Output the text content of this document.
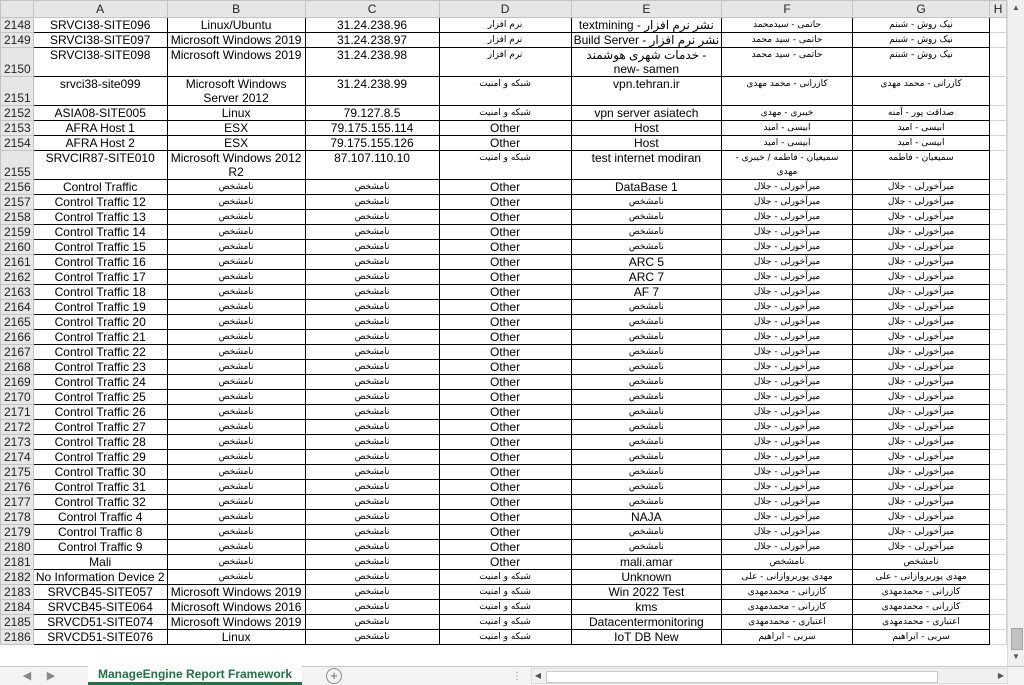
	A	B	C	D	E	F	G	H
2148	SRVCI38-SITE096	Linux/Ubuntu	31.24.238.96	نرم افزار	textmining - نشر نرم افزار	حاتمی - سیدمحمد	نیک روش - شبنم	
2149	SRVCI38-SITE097	Microsoft Windows 2019	31.24.238.97	نرم افزار	Build Server - نشر نرم افزار	حاتمی - سید محمد	نیک روش - شبنم	
2150	SRVCI38-SITE098	Microsoft Windows 2019	31.24.238.98	نرم افزار	خدمات شهری هوشمند - new- samen	حاتمی - سید محمد	نیک روش - شبنم	
2151	srvci38-site099	Microsoft Windows Server 2012	31.24.238.99	شبکه و امنیت	vpn.tehran.ir	کازرانی - محمد مهدی	کازرانی - محمد مهدی	
2152	ASIA08-SITE005	Linux	79.127.8.5	شبکه و امنیت	vpn server asiatech	خیبری - مهدی	صداقت پور - آمنه	
2153	AFRA Host 1	ESX	79.175.155.114	Other	Host	ابیسی - امید	ابیسی - امید	
2154	AFRA Host 2	ESX	79.175.155.126	Other	Host	ابیسی - امید	ابیسی - امید	
2155	SRVCIR87-SITE010	Microsoft Windows 2012 R2	87.107.110.10	شبکه و امنیت	test internet modiran	سمیعیان - فاطمه / خیبری - مهدی	سمیعیان - فاطمه	
2156	Control Traffic	نامشخص	نامشخص	Other	DataBase 1	میرآخورلی - جلال	میرآخورلی - جلال	
2157	Control Traffic 12	نامشخص	نامشخص	Other	نامشخص	میرآخورلی - جلال	میرآخورلی - جلال	
2158	Control Traffic 13	نامشخص	نامشخص	Other	نامشخص	میرآخورلی - جلال	میرآخورلی - جلال	
2159	Control Traffic 14	نامشخص	نامشخص	Other	نامشخص	میرآخورلی - جلال	میرآخورلی - جلال	
2160	Control Traffic 15	نامشخص	نامشخص	Other	نامشخص	میرآخورلی - جلال	میرآخورلی - جلال	
2161	Control Traffic 16	نامشخص	نامشخص	Other	ARC 5	میرآخورلی - جلال	میرآخورلی - جلال	
2162	Control Traffic 17	نامشخص	نامشخص	Other	ARC 7	میرآخورلی - جلال	میرآخورلی - جلال	
2163	Control Traffic 18	نامشخص	نامشخص	Other	AF 7	میرآخورلی - جلال	میرآخورلی - جلال	
2164	Control Traffic 19	نامشخص	نامشخص	Other	نامشخص	میرآخورلی - جلال	میرآخورلی - جلال	
2165	Control Traffic 20	نامشخص	نامشخص	Other	نامشخص	میرآخورلی - جلال	میرآخورلی - جلال	
2166	Control Traffic 21	نامشخص	نامشخص	Other	نامشخص	میرآخورلی - جلال	میرآخورلی - جلال	
2167	Control Traffic 22	نامشخص	نامشخص	Other	نامشخص	میرآخورلی - جلال	میرآخورلی - جلال	
2168	Control Traffic 23	نامشخص	نامشخص	Other	نامشخص	میرآخورلی - جلال	میرآخورلی - جلال	
2169	Control Traffic 24	نامشخص	نامشخص	Other	نامشخص	میرآخورلی - جلال	میرآخورلی - جلال	
2170	Control Traffic 25	نامشخص	نامشخص	Other	نامشخص	میرآخورلی - جلال	میرآخورلی - جلال	
2171	Control Traffic 26	نامشخص	نامشخص	Other	نامشخص	میرآخورلی - جلال	میرآخورلی - جلال	
2172	Control Traffic 27	نامشخص	نامشخص	Other	نامشخص	میرآخورلی - جلال	میرآخورلی - جلال	
2173	Control Traffic 28	نامشخص	نامشخص	Other	نامشخص	میرآخورلی - جلال	میرآخورلی - جلال	
2174	Control Traffic 29	نامشخص	نامشخص	Other	نامشخص	میرآخورلی - جلال	میرآخورلی - جلال	
2175	Control Traffic 30	نامشخص	نامشخص	Other	نامشخص	میرآخورلی - جلال	میرآخورلی - جلال	
2176	Control Traffic 31	نامشخص	نامشخص	Other	نامشخص	میرآخورلی - جلال	میرآخورلی - جلال	
2177	Control Traffic 32	نامشخص	نامشخص	Other	نامشخص	میرآخورلی - جلال	میرآخورلی - جلال	
2178	Control Traffic 4	نامشخص	نامشخص	Other	NAJA	میرآخورلی - جلال	میرآخورلی - جلال	
2179	Control Traffic 8	نامشخص	نامشخص	Other	نامشخص	میرآخورلی - جلال	میرآخورلی - جلال	
2180	Control Traffic 9	نامشخص	نامشخص	Other	نامشخص	میرآخورلی - جلال	میرآخورلی - جلال	
2181	Mali	نامشخص	نامشخص	Other	mali.amar	نامشخص	نامشخص	
2182	No Information Device 2	نامشخص	نامشخص	شبکه و امنیت	Unknown	مهدی پوربروازانی - علی	مهدی پوربروازانی - علی	
2183	SRVCB45-SITE057	Microsoft Windows 2019	نامشخص	شبکه و امنیت	Win 2022 Test	کازرانی - محمدمهدی	کازرانی - محمدمهدی	
2184	SRVCB45-SITE064	Microsoft Windows 2016	نامشخص	شبکه و امنیت	kms	کازرانی - محمدمهدی	کازرانی - محمدمهدی	
2185	SRVCD51-SITE074	Microsoft Windows 2019	نامشخص	شبکه و امنیت	Datacentermonitoring	اعتباری - محمدمهدی	اعتباری - محمدمهدی	
2186	SRVCD51-SITE076	Linux	نامشخص	شبکه و امنیت	IoT DB New	سربی - ابراهیم	سربی - ابراهیم	
▲
▼
◀	▶	ManageEngine Report Framework	+	⋮	◀	▶
